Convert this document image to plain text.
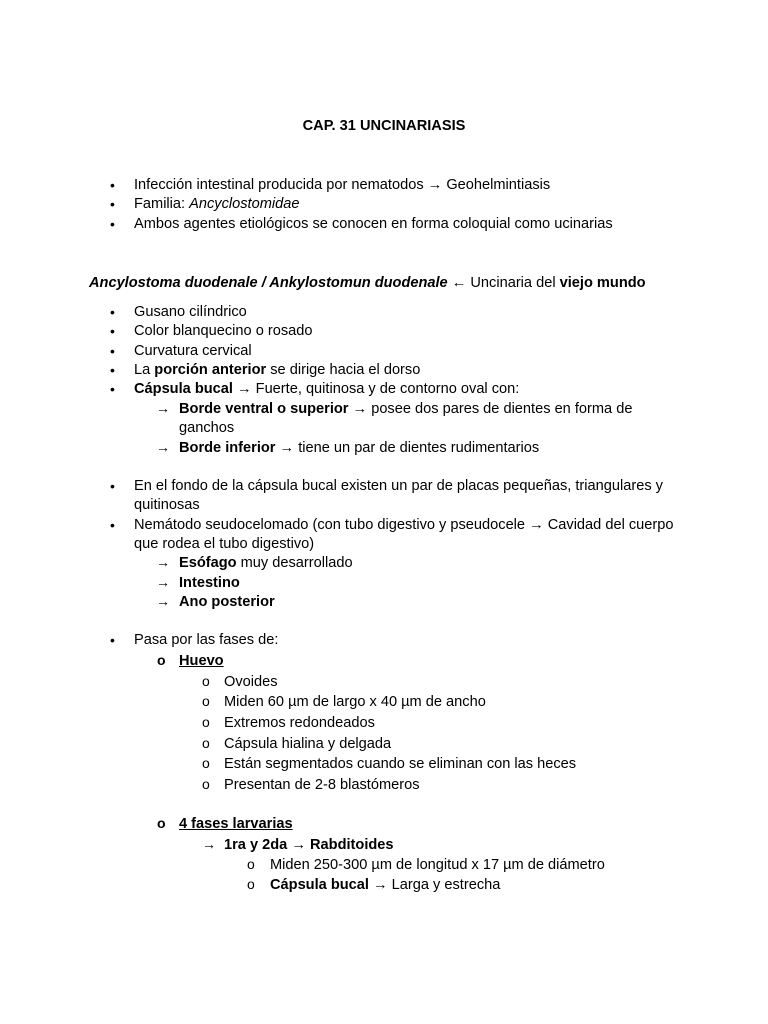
CAP. 31 UNCINARIASIS
• Infección intestinal producida por nematodos → Geohelmintiasis
• Familia: Ancyclostomidae
• Ambos agentes etiológicos se conocen en forma coloquial como ucinarias
Ancylostoma duodenale / Ankylostomun duodenale ← Uncinaria del viejo mundo
• Gusano cilíndrico
• Color blanquecino o rosado
• Curvatura cervical
• La porción anterior se dirige hacia el dorso
• Cápsula bucal → Fuerte, quitinosa y de contorno oval con:
→ Borde ventral o superior → posee dos pares de dientes en forma de
ganchos
→ Borde inferior → tiene un par de dientes rudimentarios
• En el fondo de la cápsula bucal existen un par de placas pequeñas, triangulares y
quitinosas
• Nemátodo seudocelomado (con tubo digestivo y pseudocele → Cavidad del cuerpo
que rodea el tubo digestivo)
→ Esófago muy desarrollado
→ Intestino
→ Ano posterior
• Pasa por las fases de:
o Huevo
o Ovoides
o Miden 60 µm de largo x 40 µm de ancho
o Extremos redondeados
o Cápsula hialina y delgada
o Están segmentados cuando se eliminan con las heces
o Presentan de 2-8 blastómeros
o 4 fases larvarias
→ 1ra y 2da → Rabditoides
o Miden 250-300 µm de longitud x 17 µm de diámetro
o Cápsula bucal → Larga y estrecha
